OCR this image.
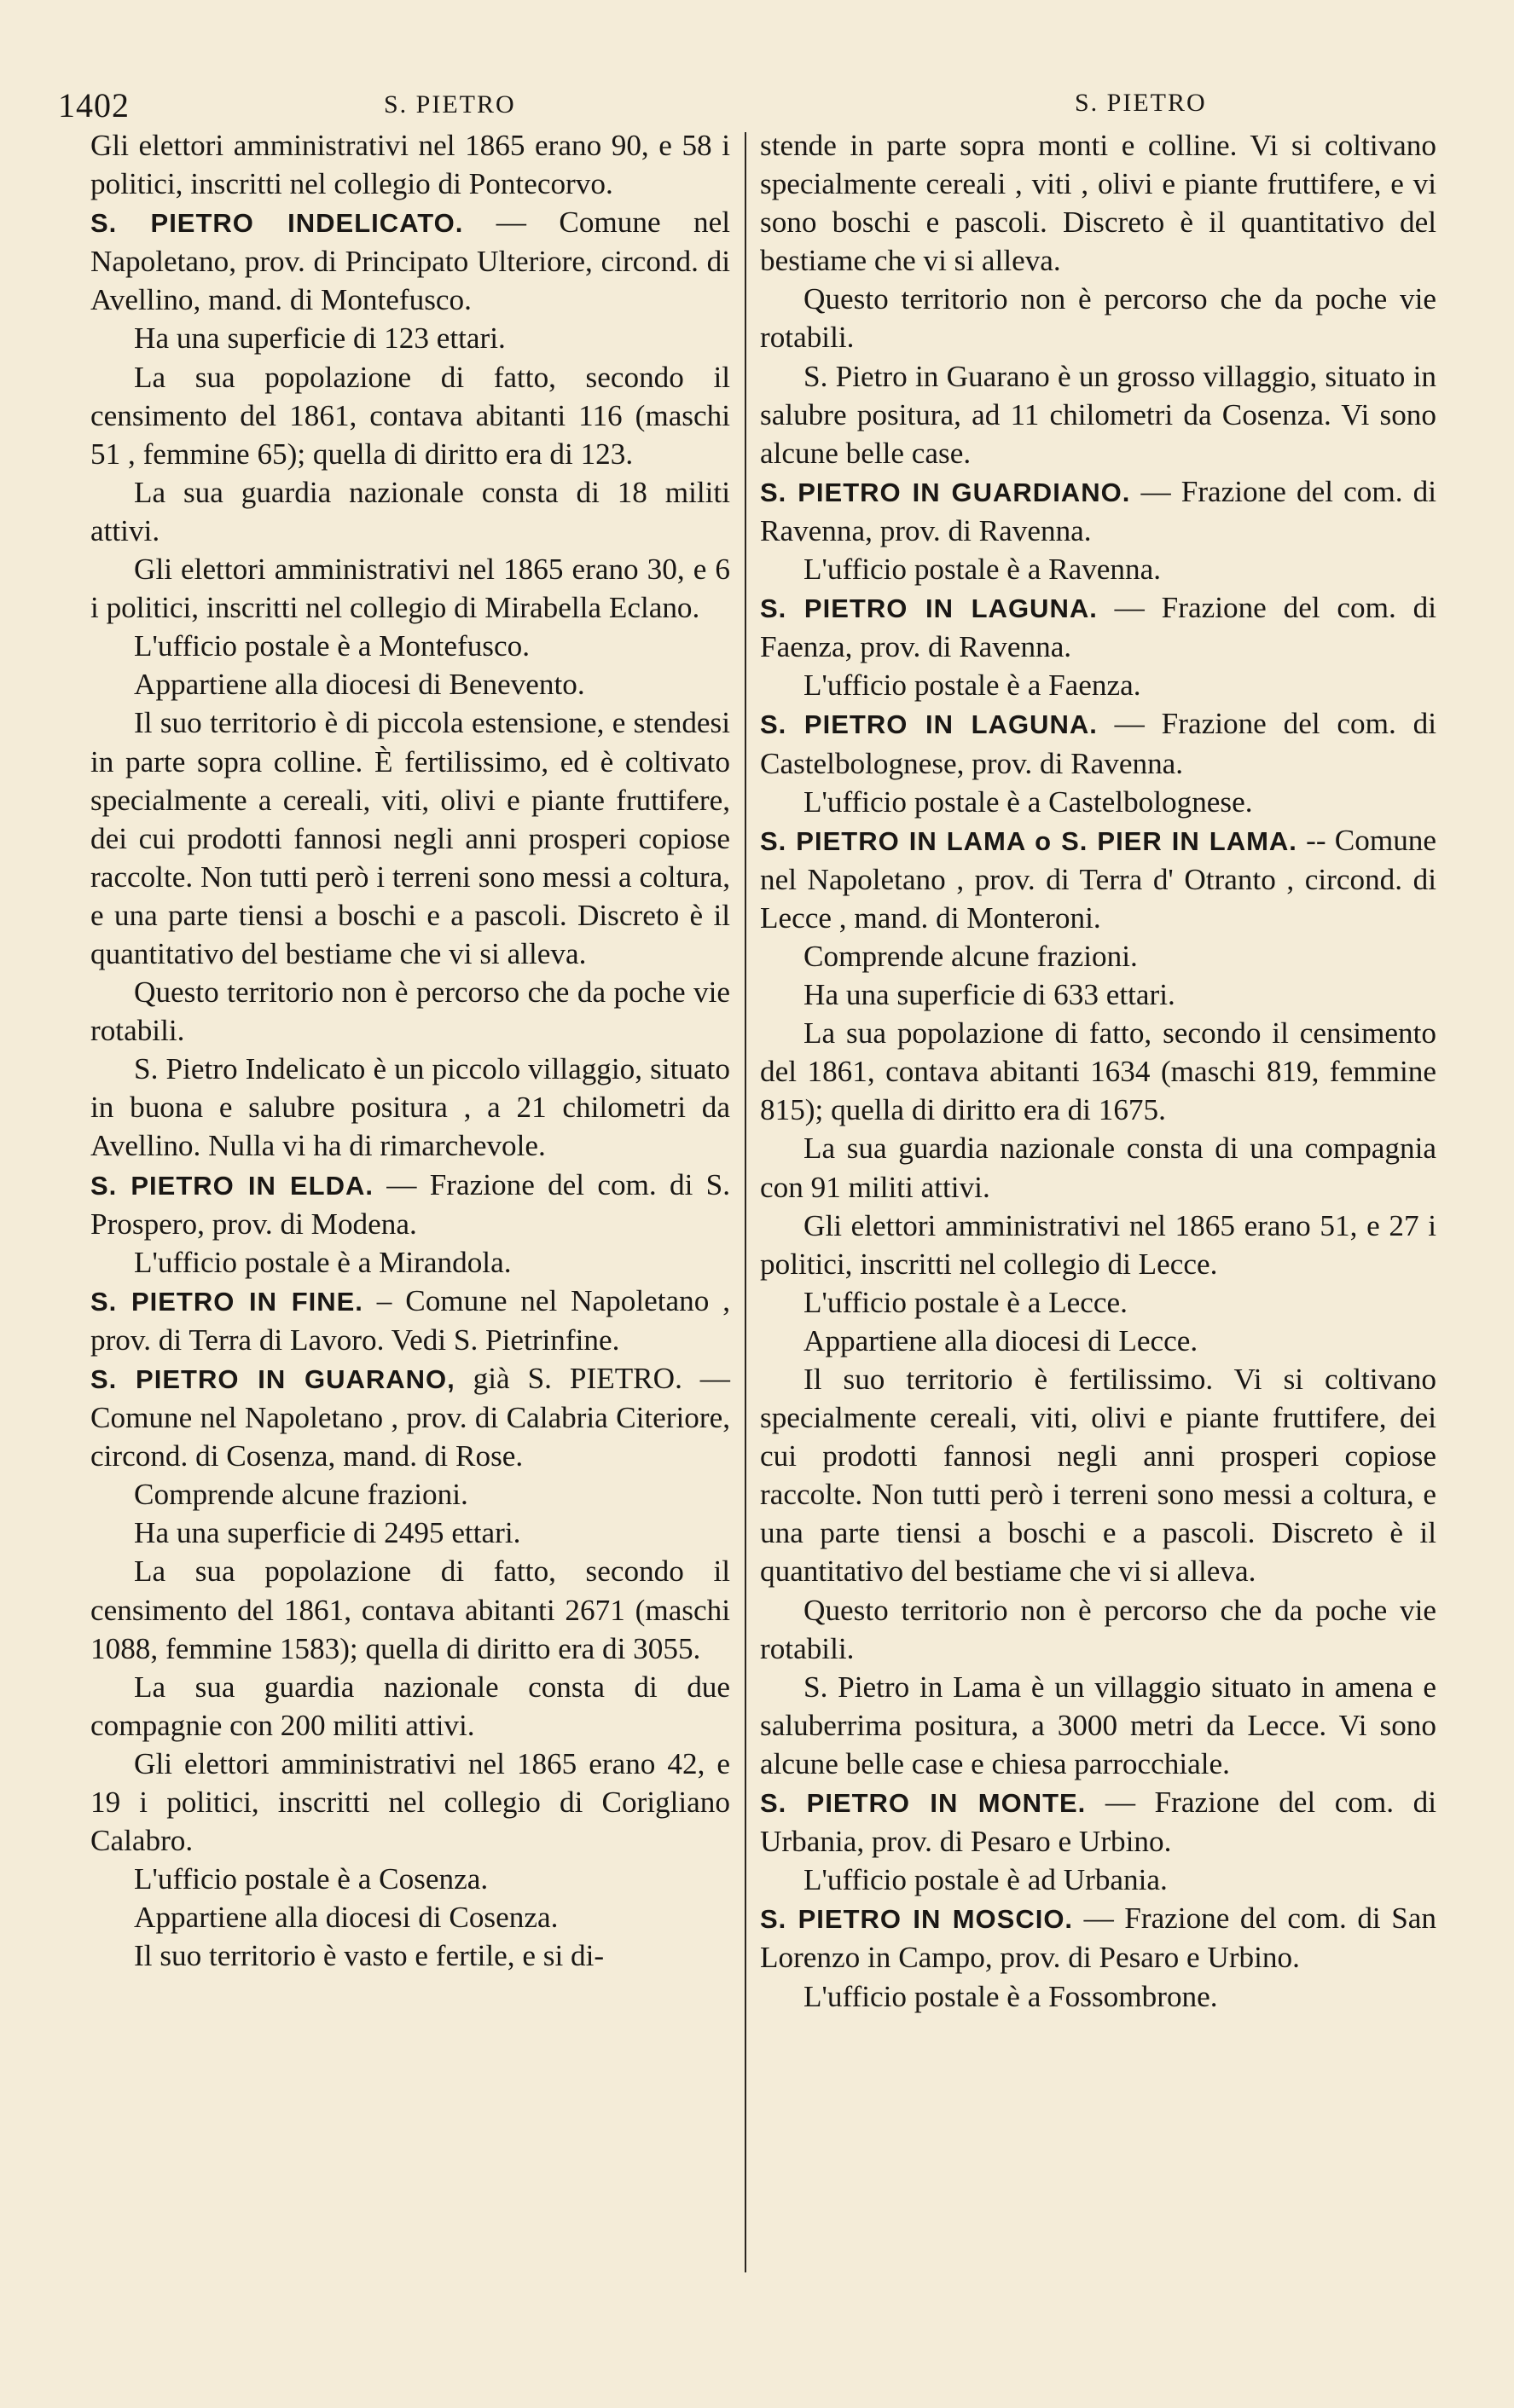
1402	S. PIETRO	S. PIETRO

Gli elettori amministrativi nel 1865 erano 90, e 58 i politici, inscritti nel collegio di Pontecorvo.

S. PIETRO INDELICATO. — Comune nel Napoletano, prov. di Principato Ulteriore, circond. di Avellino, mand. di Montefusco.

Ha una superficie di 123 ettari.

La sua popolazione di fatto, secondo il censimento del 1861, contava abitanti 116 (maschi 51 , femmine 65); quella di diritto era di 123.

La sua guardia nazionale consta di 18 militi attivi.

Gli elettori amministrativi nel 1865 erano 30, e 6 i politici, inscritti nel collegio di Mirabella Eclano.

L'ufficio postale è a Montefusco.

Appartiene alla diocesi di Benevento.

Il suo territorio è di piccola estensione, e stendesi in parte sopra colline. È fertilissimo, ed è coltivato specialmente a cereali, viti, olivi e piante fruttifere, dei cui prodotti fannosi negli anni prosperi copiose raccolte. Non tutti però i terreni sono messi a coltura, e una parte tiensi a boschi e a pascoli. Discreto è il quantitativo del bestiame che vi si alleva.

Questo territorio non è percorso che da poche vie rotabili.

S. Pietro Indelicato è un piccolo villaggio, situato in buona e salubre positura , a 21 chilometri da Avellino. Nulla vi ha di rimarchevole.

S. PIETRO IN ELDA. — Frazione del com. di S. Prospero, prov. di Modena.

L'ufficio postale è a Mirandola.

S. PIETRO IN FINE. – Comune nel Napoletano , prov. di Terra di Lavoro. Vedi S. Pietrinfine.

S. PIETRO IN GUARANO, già S. PIETRO. — Comune nel Napoletano , prov. di Calabria Citeriore, circond. di Cosenza, mand. di Rose.

Comprende alcune frazioni.

Ha una superficie di 2495 ettari.

La sua popolazione di fatto, secondo il censimento del 1861, contava abitanti 2671 (maschi 1088, femmine 1583); quella di diritto era di 3055.

La sua guardia nazionale consta di due compagnie con 200 militi attivi.

Gli elettori amministrativi nel 1865 erano 42, e 19 i politici, inscritti nel collegio di Corigliano Calabro.

L'ufficio postale è a Cosenza.

Appartiene alla diocesi di Cosenza.

Il suo territorio è vasto e fertile, e si di-

stende in parte sopra monti e colline. Vi si coltivano specialmente cereali , viti , olivi e piante fruttifere, e vi sono boschi e pascoli. Discreto è il quantitativo del bestiame che vi si alleva.

Questo territorio non è percorso che da poche vie rotabili.

S. Pietro in Guarano è un grosso villaggio, situato in salubre positura, ad 11 chilometri da Cosenza. Vi sono alcune belle case.

S. PIETRO IN GUARDIANO. — Frazione del com. di Ravenna, prov. di Ravenna.

L'ufficio postale è a Ravenna.

S. PIETRO IN LAGUNA. — Frazione del com. di Faenza, prov. di Ravenna.

L'ufficio postale è a Faenza.

S. PIETRO IN LAGUNA. — Frazione del com. di Castelbolognese, prov. di Ravenna.

L'ufficio postale è a Castelbolognese.

S. PIETRO IN LAMA o S. PIER IN LAMA. -- Comune nel Napoletano , prov. di Terra d' Otranto , circond. di Lecce , mand. di Monteroni.

Comprende alcune frazioni.

Ha una superficie di 633 ettari.

La sua popolazione di fatto, secondo il censimento del 1861, contava abitanti 1634 (maschi 819, femmine 815); quella di diritto era di 1675.

La sua guardia nazionale consta di una compagnia con 91 militi attivi.

Gli elettori amministrativi nel 1865 erano 51, e 27 i politici, inscritti nel collegio di Lecce.

L'ufficio postale è a Lecce.

Appartiene alla diocesi di Lecce.

Il suo territorio è fertilissimo. Vi si coltivano specialmente cereali, viti, olivi e piante fruttifere, dei cui prodotti fannosi negli anni prosperi copiose raccolte. Non tutti però i terreni sono messi a coltura, e una parte tiensi a boschi e a pascoli. Discreto è il quantitativo del bestiame che vi si alleva.

Questo territorio non è percorso che da poche vie rotabili.

S. Pietro in Lama è un villaggio situato in amena e saluberrima positura, a 3000 metri da Lecce. Vi sono alcune belle case e chiesa parrocchiale.

S. PIETRO IN MONTE. — Frazione del com. di Urbania, prov. di Pesaro e Urbino.

L'ufficio postale è ad Urbania.

S. PIETRO IN MOSCIO. — Frazione del com. di San Lorenzo in Campo, prov. di Pesaro e Urbino.

L'ufficio postale è a Fossombrone.
